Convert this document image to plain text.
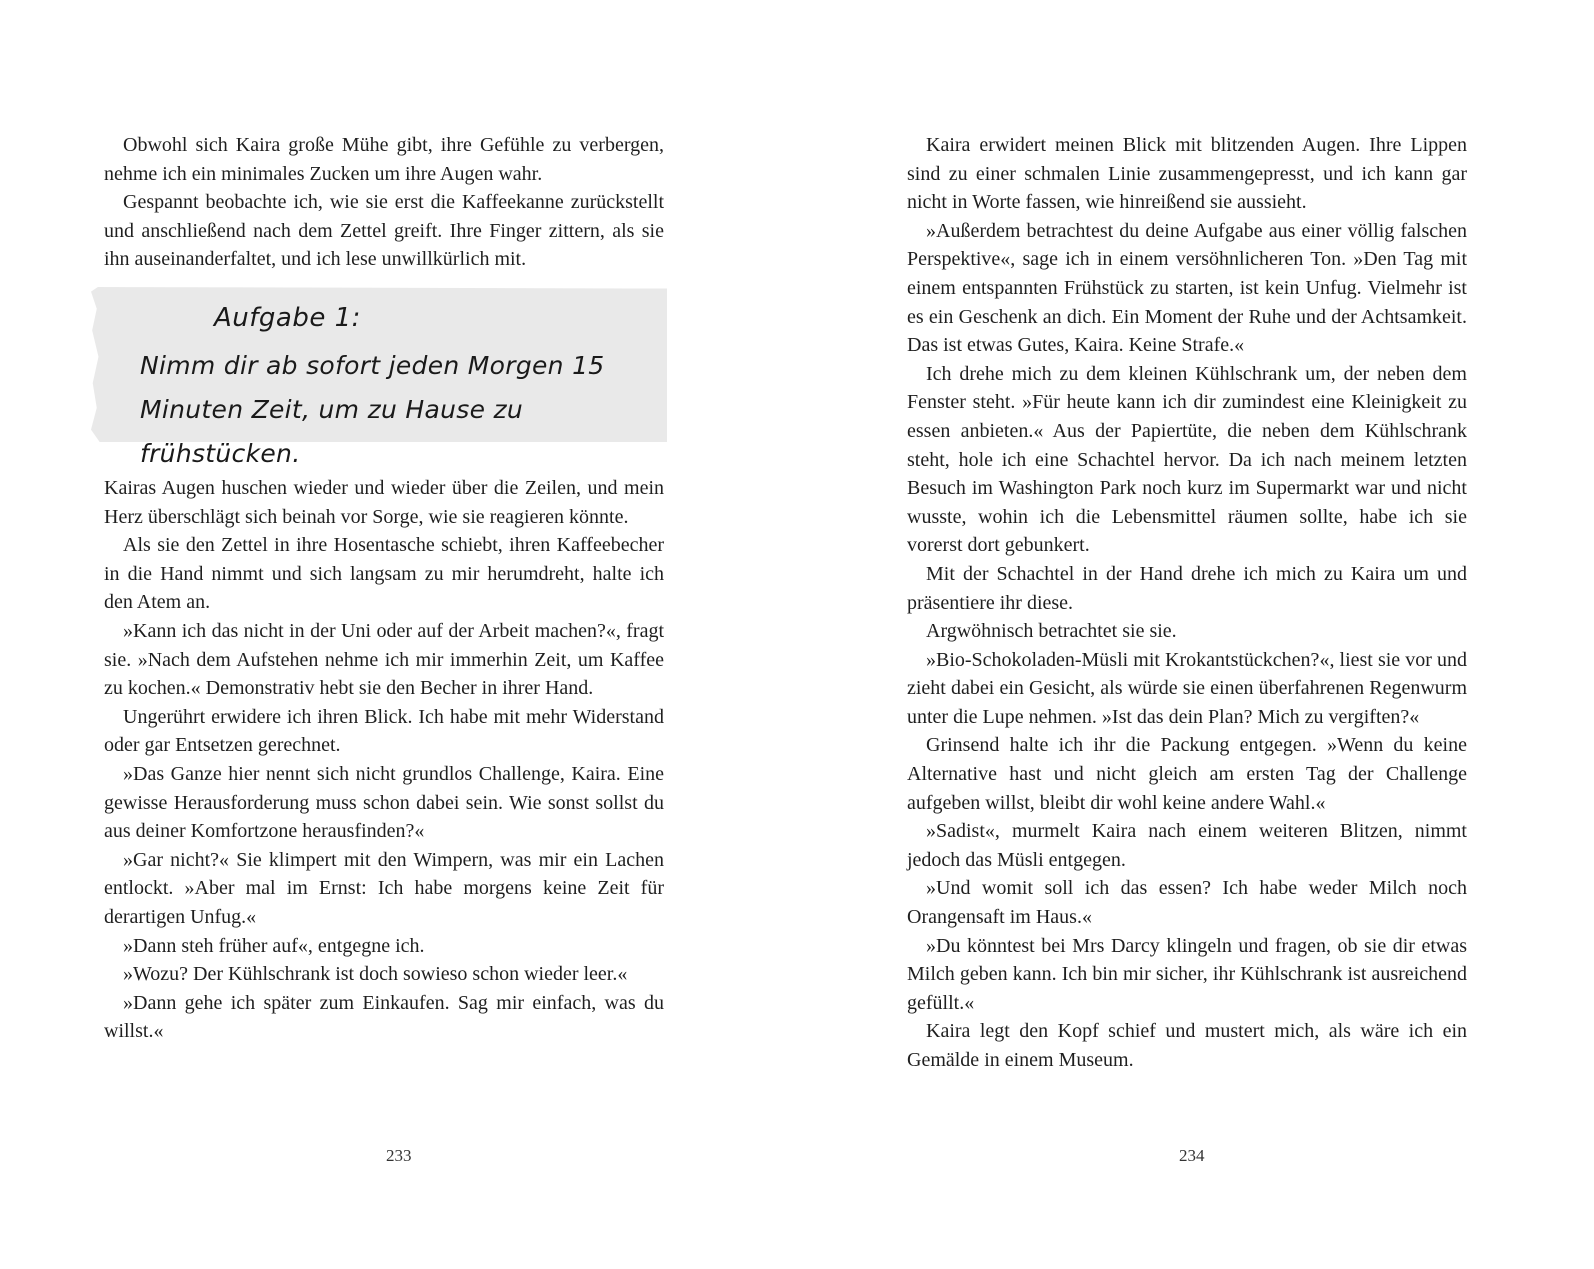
Obwohl sich Kaira große Mühe gibt, ihre Gefühle zu verbergen, nehme ich ein minimales Zucken um ihre Augen wahr.

Gespannt beobachte ich, wie sie erst die Kaffeekanne zurückstellt und anschließend nach dem Zettel greift. Ihre Finger zittern, als sie ihn auseinanderfaltet, und ich lese unwillkürlich mit.

Aufgabe 1:
Nimm dir ab sofort jeden Morgen 15 Minuten Zeit, um zu Hause zu frühstücken.

Kairas Augen huschen wieder und wieder über die Zeilen, und mein Herz überschlägt sich beinah vor Sorge, wie sie reagieren könnte.

Als sie den Zettel in ihre Hosentasche schiebt, ihren Kaffeebecher in die Hand nimmt und sich langsam zu mir herumdreht, halte ich den Atem an.

»Kann ich das nicht in der Uni oder auf der Arbeit machen?«, fragt sie. »Nach dem Aufstehen nehme ich mir immerhin Zeit, um Kaffee zu kochen.« Demonstrativ hebt sie den Becher in ihrer Hand.

Ungerührt erwidere ich ihren Blick. Ich habe mit mehr Widerstand oder gar Entsetzen gerechnet.

»Das Ganze hier nennt sich nicht grundlos Challenge, Kaira. Eine gewisse Herausforderung muss schon dabei sein. Wie sonst sollst du aus deiner Komfortzone herausfinden?«

»Gar nicht?« Sie klimpert mit den Wimpern, was mir ein Lachen entlockt. »Aber mal im Ernst: Ich habe morgens keine Zeit für derartigen Unfug.«

»Dann steh früher auf«, entgegne ich.

»Wozu? Der Kühlschrank ist doch sowieso schon wieder leer.«

»Dann gehe ich später zum Einkaufen. Sag mir einfach, was du willst.«

233

Kaira erwidert meinen Blick mit blitzenden Augen. Ihre Lippen sind zu einer schmalen Linie zusammengepresst, und ich kann gar nicht in Worte fassen, wie hinreißend sie aussieht.

»Außerdem betrachtest du deine Aufgabe aus einer völlig falschen Perspektive«, sage ich in einem versöhnlicheren Ton. »Den Tag mit einem entspannten Frühstück zu starten, ist kein Unfug. Vielmehr ist es ein Geschenk an dich. Ein Moment der Ruhe und der Achtsamkeit. Das ist etwas Gutes, Kaira. Keine Strafe.«

Ich drehe mich zu dem kleinen Kühlschrank um, der neben dem Fenster steht. »Für heute kann ich dir zumindest eine Kleinigkeit zu essen anbieten.« Aus der Papiertüte, die neben dem Kühlschrank steht, hole ich eine Schachtel hervor. Da ich nach meinem letzten Besuch im Washington Park noch kurz im Supermarkt war und nicht wusste, wohin ich die Lebensmittel räumen sollte, habe ich sie vorerst dort gebunkert.

Mit der Schachtel in der Hand drehe ich mich zu Kaira um und präsentiere ihr diese.

Argwöhnisch betrachtet sie sie.

»Bio-Schokoladen-Müsli mit Krokantstückchen?«, liest sie vor und zieht dabei ein Gesicht, als würde sie einen überfahrenen Regenwurm unter die Lupe nehmen. »Ist das dein Plan? Mich zu vergiften?«

Grinsend halte ich ihr die Packung entgegen. »Wenn du keine Alternative hast und nicht gleich am ersten Tag der Challenge aufgeben willst, bleibt dir wohl keine andere Wahl.«

»Sadist«, murmelt Kaira nach einem weiteren Blitzen, nimmt jedoch das Müsli entgegen.

»Und womit soll ich das essen? Ich habe weder Milch noch Orangensaft im Haus.«

»Du könntest bei Mrs Darcy klingeln und fragen, ob sie dir etwas Milch geben kann. Ich bin mir sicher, ihr Kühlschrank ist ausreichend gefüllt.«

Kaira legt den Kopf schief und mustert mich, als wäre ich ein Gemälde in einem Museum.

234
